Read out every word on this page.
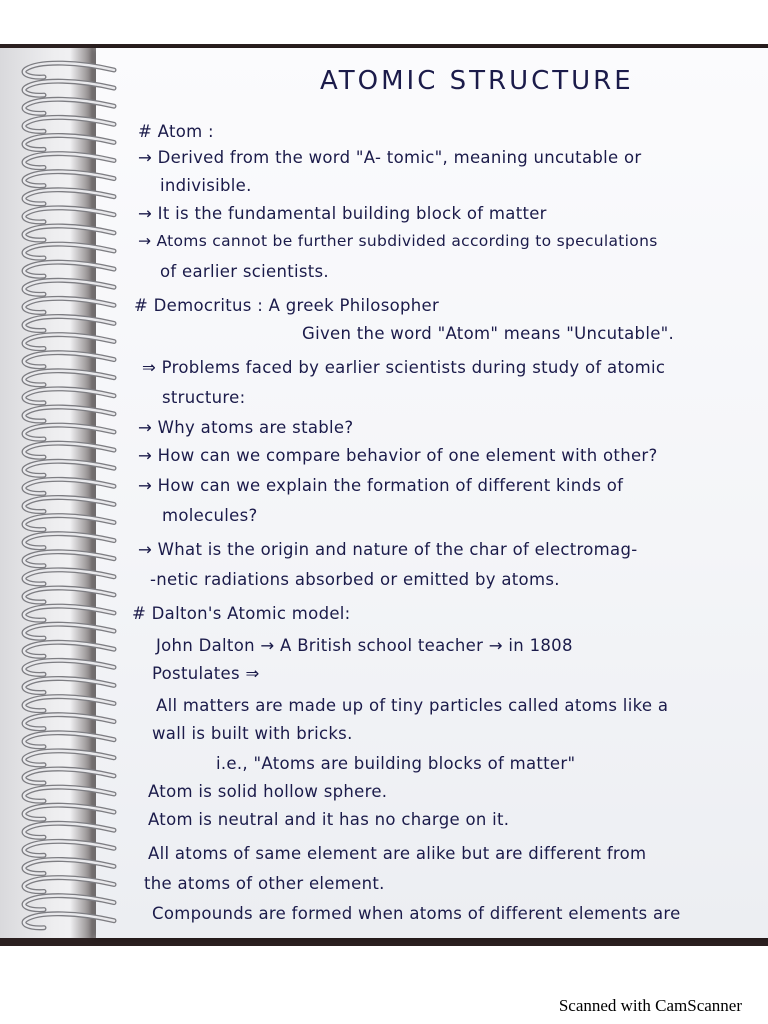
ATOMIC STRUCTURE
# Atom :
→ Derived from the word "A- tomic", meaning uncutable or
indivisible.
→ It is the fundamental building block of matter
→ Atoms cannot be further subdivided according to speculations
of earlier scientists.
# Democritus : A greek Philosopher
Given the word "Atom" means "Uncutable".
⇒ Problems faced by earlier scientists during study of atomic
structure:
→ Why atoms are stable?
→ How can we compare behavior of one element with other?
→ How can we explain the formation of different kinds of
molecules?
→ What is the origin and nature of the char of electromag-
-netic radiations absorbed or emitted by atoms.
# Dalton's Atomic model:
John Dalton → A British school teacher → in 1808
Postulates ⇒
All matters are made up of tiny particles called atoms like a
wall is built with bricks.
i.e., "Atoms are building blocks of matter"
Atom is solid hollow sphere.
Atom is neutral and it has no charge on it.
All atoms of same element are alike but are different from
the atoms of other element.
Compounds are formed when atoms of different elements are
Scanned with CamScanner
